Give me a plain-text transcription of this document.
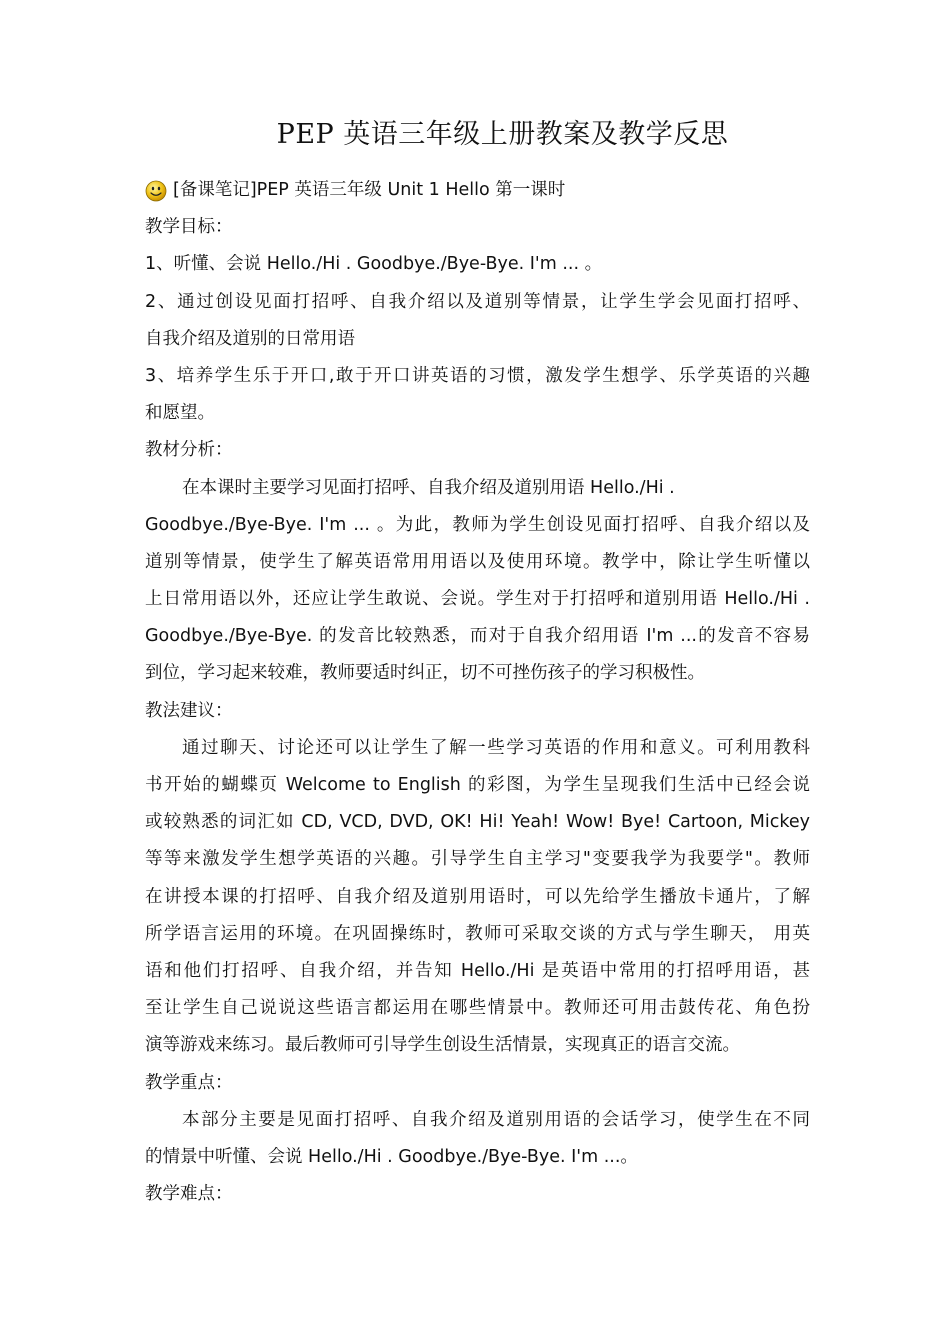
PEP 英语三年级上册教案及教学反思
[备课笔记]PEP 英语三年级 Unit 1 Hello 第一课时
教学目标：
1、听懂、会说 Hello./Hi . Goodbye./Bye-Bye. I'm ... 。
2、通过创设见面打招呼、自我介绍以及道别等情景，让学生学会见面打招呼、
自我介绍及道别的日常用语
3、培养学生乐于开口,敢于开口讲英语的习惯，激发学生想学、乐学英语的兴趣
和愿望。
教材分析：
在本课时主要学习见面打招呼、自我介绍及道别用语 Hello./Hi .
Goodbye./Bye-Bye. I'm ... 。为此，教师为学生创设见面打招呼、自我介绍以及
道别等情景，使学生了解英语常用用语以及使用环境。教学中，除让学生听懂以
上日常用语以外，还应让学生敢说、会说。学生对于打招呼和道别用语 Hello./Hi .
Goodbye./Bye-Bye. 的发音比较熟悉，而对于自我介绍用语 I'm ...的发音不容易
到位，学习起来较难，教师要适时纠正，切不可挫伤孩子的学习积极性。
教法建议：
通过聊天、讨论还可以让学生了解一些学习英语的作用和意义。可利用教科
书开始的蝴蝶页 Welcome to English 的彩图，为学生呈现我们生活中已经会说
或较熟悉的词汇如 CD, VCD, DVD, OK! Hi! Yeah! Wow! Bye! Cartoon, Mickey
等等来激发学生想学英语的兴趣。引导学生自主学习"变要我学为我要学"。教师
在讲授本课的打招呼、自我介绍及道别用语时，可以先给学生播放卡通片，了解
所学语言运用的环境。在巩固操练时，教师可采取交谈的方式与学生聊天， 用英
语和他们打招呼、自我介绍，并告知 Hello./Hi 是英语中常用的打招呼用语，甚
至让学生自己说说这些语言都运用在哪些情景中。教师还可用击鼓传花、角色扮
演等游戏来练习。最后教师可引导学生创设生活情景，实现真正的语言交流。
教学重点：
本部分主要是见面打招呼、自我介绍及道别用语的会话学习，使学生在不同
的情景中听懂、会说 Hello./Hi . Goodbye./Bye-Bye. I'm ...。
教学难点：
